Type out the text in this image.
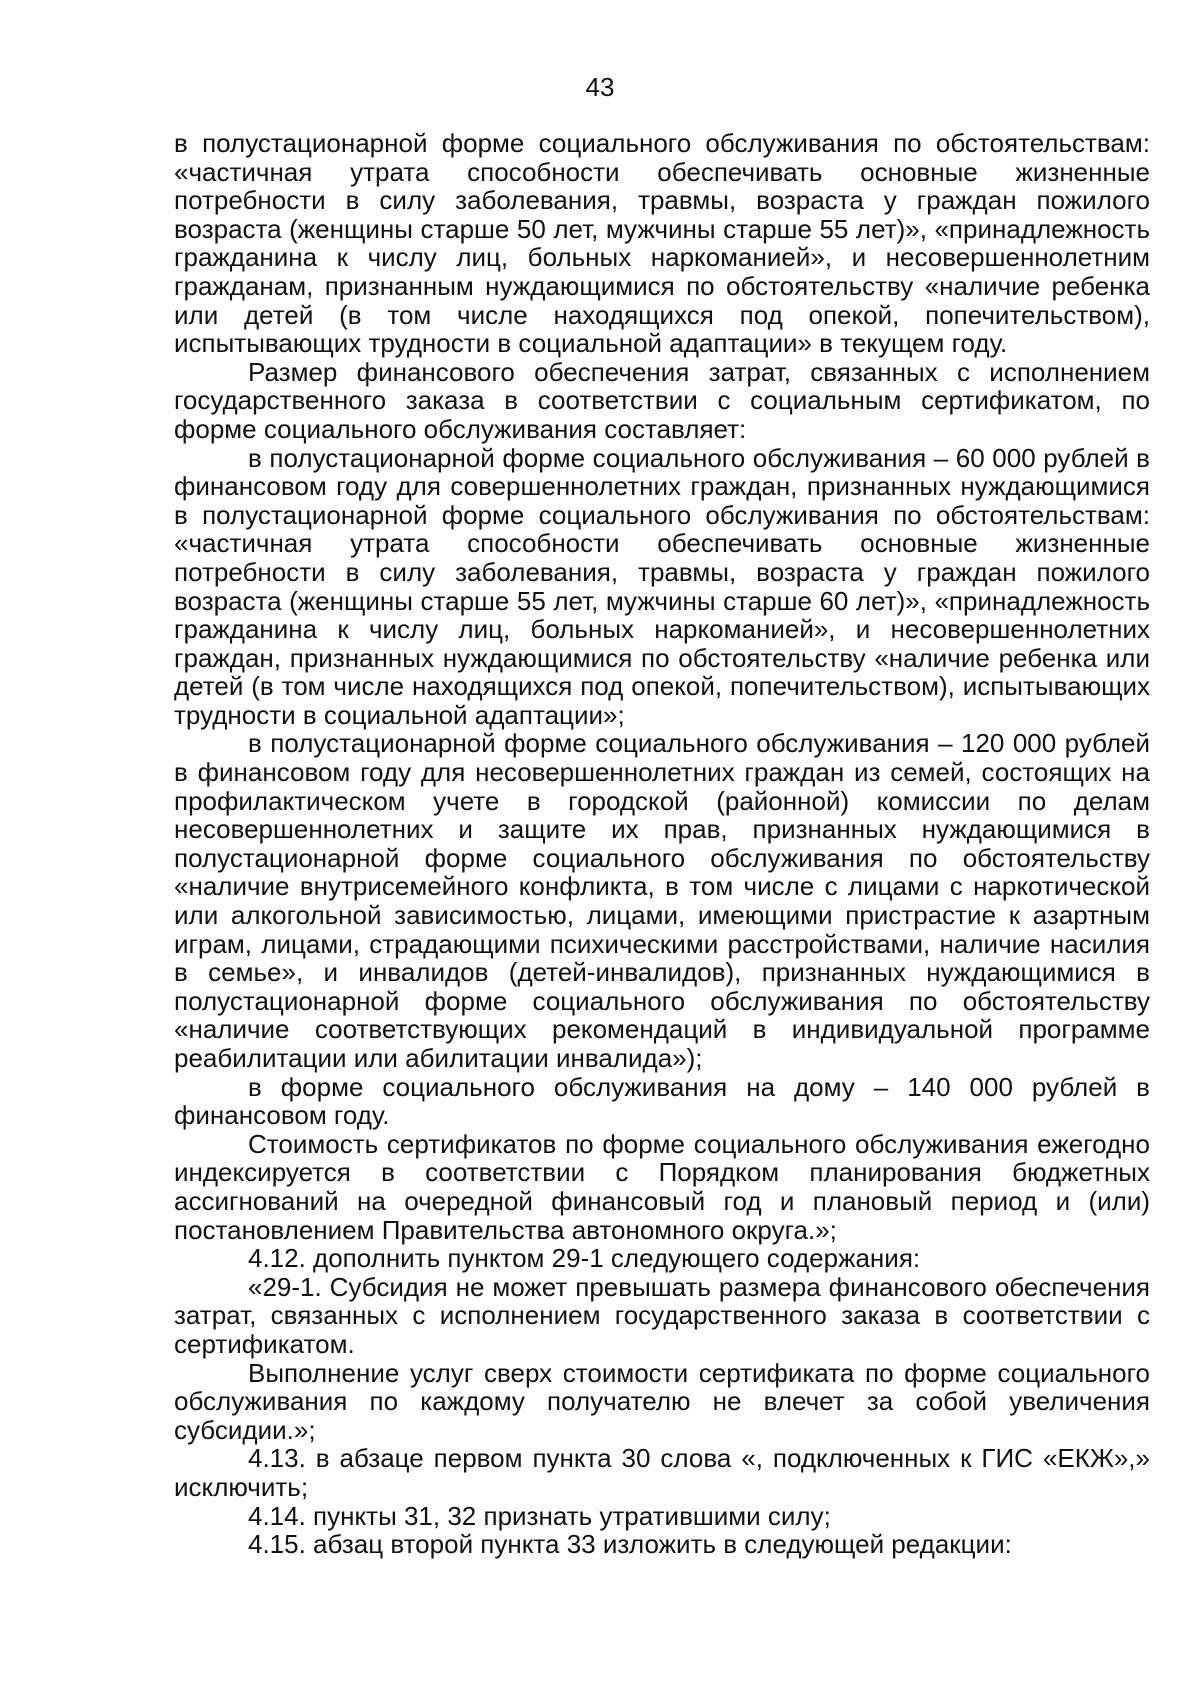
43

в полустационарной форме социального обслуживания по обстоятельствам: «частичная утрата способности обеспечивать основные жизненные потребности в силу заболевания, травмы, возраста у граждан пожилого возраста (женщины старше 50 лет, мужчины старше 55 лет)», «принадлежность гражданина к числу лиц, больных наркоманией», и несовершеннолетним гражданам, признанным нуждающимися по обстоятельству «наличие ребенка или детей (в том числе находящихся под опекой, попечительством), испытывающих трудности в социальной адаптации» в текущем году.

Размер финансового обеспечения затрат, связанных с исполнением государственного заказа в соответствии с социальным сертификатом, по форме социального обслуживания составляет:

в полустационарной форме социального обслуживания – 60 000 рублей в финансовом году для совершеннолетних граждан, признанных нуждающимися в полустационарной форме социального обслуживания по обстоятельствам: «частичная утрата способности обеспечивать основные жизненные потребности в силу заболевания, травмы, возраста у граждан пожилого возраста (женщины старше 55 лет, мужчины старше 60 лет)», «принадлежность гражданина к числу лиц, больных наркоманией», и несовершеннолетних граждан, признанных нуждающимися по обстоятельству «наличие ребенка или детей (в том числе находящихся под опекой, попечительством), испытывающих трудности в социальной адаптации»;

в полустационарной форме социального обслуживания – 120 000 рублей в финансовом году для несовершеннолетних граждан из семей, состоящих на профилактическом учете в городской (районной) комиссии по делам несовершеннолетних и защите их прав, признанных нуждающимися в полустационарной форме социального обслуживания по обстоятельству «наличие внутрисемейного конфликта, в том числе с лицами с наркотической или алкогольной зависимостью, лицами, имеющими пристрастие к азартным играм, лицами, страдающими психическими расстройствами, наличие насилия в семье», и инвалидов (детей-инвалидов), признанных нуждающимися в полустационарной форме социального обслуживания по обстоятельству «наличие соответствующих рекомендаций в индивидуальной программе реабилитации или абилитации инвалида»);

в форме социального обслуживания на дому – 140 000 рублей в финансовом году.

Стоимость сертификатов по форме социального обслуживания ежегодно индексируется в соответствии с Порядком планирования бюджетных ассигнований на очередной финансовый год и плановый период и (или) постановлением Правительства автономного округа.»;

4.12. дополнить пунктом 29-1 следующего содержания:

«29-1. Субсидия не может превышать размера финансового обеспечения затрат, связанных с исполнением государственного заказа в соответствии с сертификатом.

Выполнение услуг сверх стоимости сертификата по форме социального обслуживания по каждому получателю не влечет за собой увеличения субсидии.»;

4.13. в абзаце первом пункта 30 слова «, подключенных к ГИС «ЕКЖ»,» исключить;

4.14. пункты 31, 32 признать утратившими силу;

4.15. абзац второй пункта 33 изложить в следующей редакции:
